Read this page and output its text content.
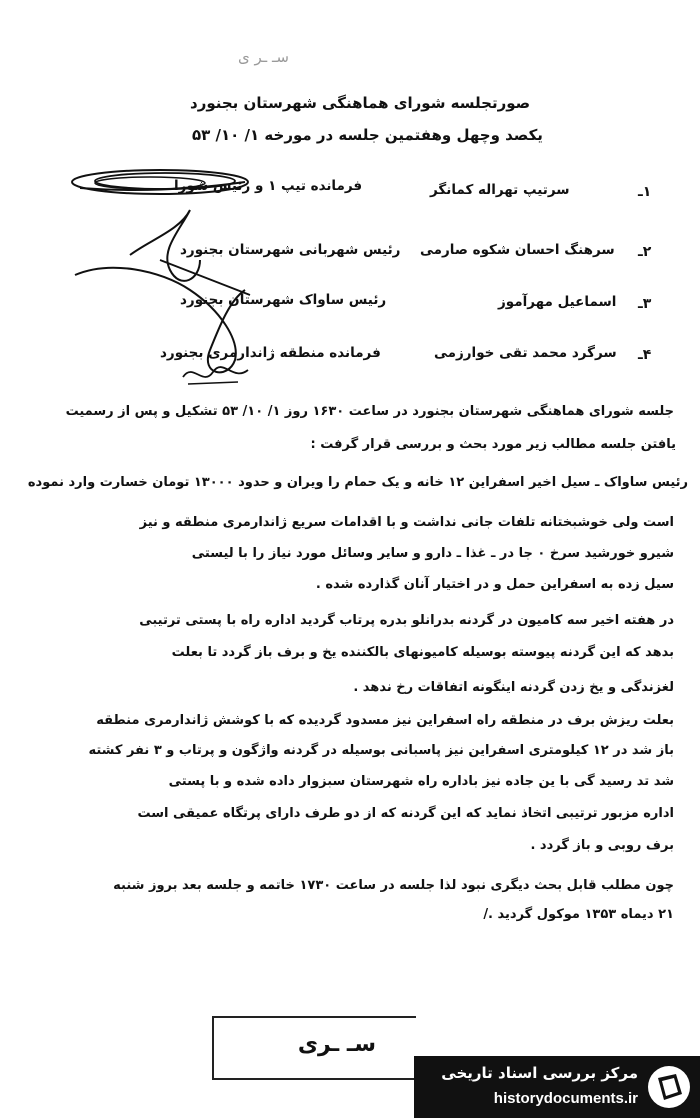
سـ ـر ی
صورتجلسه شورای هماهنگی شهرستان بجنورد
یکصد وچهل وهفتمین جلسه در مورخه ۱/ ۱۰/ ۵۳
۱ـ
سرتیپ تهراله کمانگر
فرمانده تیپ ۱ و رئیس شورا
۲ـ
سرهنگ احسان شکوه صارمی
رئیس شهربانی شهرستان بجنورد
۳ـ
اسماعیل مهرآموز
رئیس ساواک شهرستان بجنورد
۴ـ
سرگرد محمد تقی خوارزمی
فرمانده منطقه ژاندارمری بجنورد
جلسه شورای هماهنگی شهرستان بجنورد در ساعت ۱۶۳۰ روز ۱/ ۱۰/ ۵۳ تشکیل و پس از رسمیت
یافتن جلسه مطالب زیر مورد بحث و بررسی قرار گرفت :
رئیس ساواک ـ سیل اخیر اسفراین ۱۲ خانه و یک حمام را ویران و حدود ۱۳۰۰۰ تومان خسارت وارد نموده
است ولی خوشبختانه تلفات جانی نداشت و با اقدامات سریع ژاندارمری منطقه و نیز
شیرو خورشید سرخ ۰ جا در ـ غذا ـ دارو و سایر وسائل مورد نیاز را با لیستی
سیل زده به اسفراین حمل و در اختیار آنان گذارده شده .
در هفته اخیر سه کامیون در گردنه بدرانلو بدره پرتاب گردید اداره راه با پستی ترتیبی
بدهد که این گردنه پیوسته بوسیله کامیونهای بالکننده یخ و برف باز گردد تا بعلت
لغزندگی و یخ زدن گردنه اینگونه اتفاقات رخ ندهد .
بعلت ریزش برف در منطقه راه اسفراین نیز مسدود گردیده که با کوشش ژاندارمری منطقه
باز شد در ۱۲ کیلومتری اسفراین نیز پاسبانی بوسیله در گردنه واژگون و پرتاب و ۳ نفر کشته
شد تد رسید گی با ین جاده نیز باداره راه شهرستان سبزوار داده شده و با پستی
اداره مزبور ترتیبی اتخاذ نماید که این گردنه که از دو طرف دارای پرتگاه عمیقی است
برف روبی و باز گردد .
چون مطلب قابل بحث دیگری نبود لذا جلسه در ساعت ۱۷۳۰ خاتمه و جلسه بعد بروز شنبه
۲۱ دیماه ۱۳۵۳ موکول گردید ./
سـ ـری
مرکز بررسی اسناد تاریخی
historydocuments.ir
